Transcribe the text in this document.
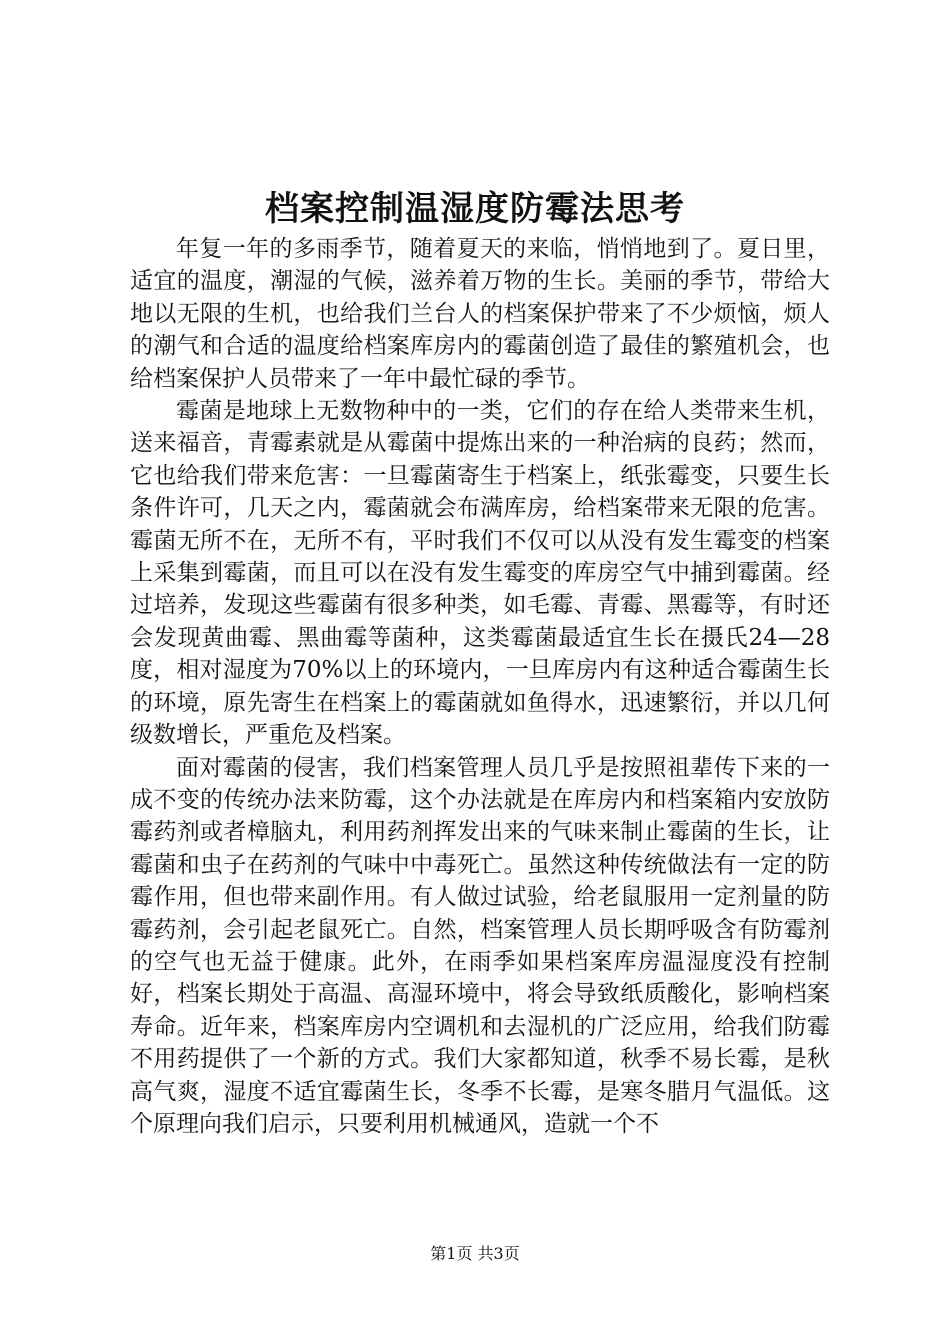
档案控制温湿度防霉法思考

年复一年的多雨季节，随着夏天的来临，悄悄地到了。夏日里，适宜的温度，潮湿的气候，滋养着万物的生长。美丽的季节，带给大地以无限的生机，也给我们兰台人的档案保护带来了不少烦恼，烦人的潮气和合适的温度给档案库房内的霉菌创造了最佳的繁殖机会，也给档案保护人员带来了一年中最忙碌的季节。

霉菌是地球上无数物种中的一类，它们的存在给人类带来生机，送来福音，青霉素就是从霉菌中提炼出来的一种治病的良药；然而，它也给我们带来危害：一旦霉菌寄生于档案上，纸张霉变，只要生长条件许可，几天之内，霉菌就会布满库房，给档案带来无限的危害。霉菌无所不在，无所不有，平时我们不仅可以从没有发生霉变的档案上采集到霉菌，而且可以在没有发生霉变的库房空气中捕到霉菌。经过培养，发现这些霉菌有很多种类，如毛霉、青霉、黑霉等，有时还会发现黄曲霉、黑曲霉等菌种，这类霉菌最适宜生长在摄氏24—28度，相对湿度为70%以上的环境内，一旦库房内有这种适合霉菌生长的环境，原先寄生在档案上的霉菌就如鱼得水，迅速繁衍，并以几何级数增长，严重危及档案。

面对霉菌的侵害，我们档案管理人员几乎是按照祖辈传下来的一成不变的传统办法来防霉，这个办法就是在库房内和档案箱内安放防霉药剂或者樟脑丸，利用药剂挥发出来的气味来制止霉菌的生长，让霉菌和虫子在药剂的气味中中毒死亡。虽然这种传统做法有一定的防霉作用，但也带来副作用。有人做过试验，给老鼠服用一定剂量的防霉药剂，会引起老鼠死亡。自然，档案管理人员长期呼吸含有防霉剂的空气也无益于健康。此外，在雨季如果档案库房温湿度没有控制好，档案长期处于高温、高湿环境中，将会导致纸质酸化，影响档案寿命。近年来，档案库房内空调机和去湿机的广泛应用，给我们防霉不用药提供了一个新的方式。我们大家都知道，秋季不易长霉，是秋高气爽，湿度不适宜霉菌生长，冬季不长霉，是寒冬腊月气温低。这个原理向我们启示，只要利用机械通风，造就一个不

第1页 共3页
